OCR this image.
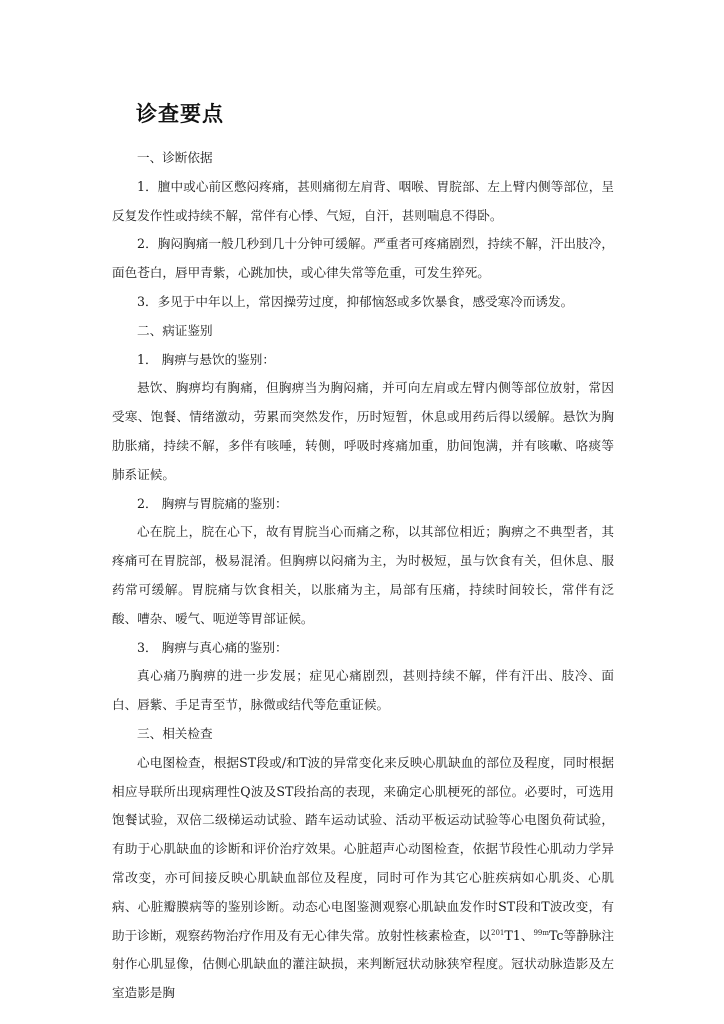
诊查要点

一、诊断依据

1．膻中或心前区憋闷疼痛，甚则痛彻左肩背、咽喉、胃脘部、左上臂内侧等部位，呈反复发作性或持续不解，常伴有心悸、气短，自汗，甚则喘息不得卧。

2．胸闷胸痛一般几秒到几十分钟可缓解。严重者可疼痛剧烈，持续不解，汗出肢冷，面色苍白，唇甲青紫，心跳加快，或心律失常等危重，可发生猝死。

3．多见于中年以上，常因操劳过度，抑郁恼怒或多饮暴食，感受寒冷而诱发。

二、病证鉴别

1． 胸痹与悬饮的鉴别：

悬饮、胸痹均有胸痛，但胸痹当为胸闷痛，并可向左肩或左臂内侧等部位放射，常因受寒、饱餐、情绪激动，劳累而突然发作，历时短暂，休息或用药后得以缓解。悬饮为胸肋胀痛，持续不解，多伴有咳唾，转侧，呼吸时疼痛加重，肋间饱满，并有咳嗽、咯痰等肺系证候。

2． 胸痹与胃脘痛的鉴别：

心在脘上，脘在心下，故有胃脘当心而痛之称，以其部位相近；胸痹之不典型者，其疼痛可在胃脘部，极易混淆。但胸痹以闷痛为主，为时极短，虽与饮食有关，但休息、服药常可缓解。胃脘痛与饮食相关，以胀痛为主，局部有压痛，持续时间较长，常伴有泛酸、嘈杂、嗳气、呃逆等胃部证候。

3． 胸痹与真心痛的鉴别：

真心痛乃胸痹的进一步发展；症见心痛剧烈，甚则持续不解，伴有汗出、肢冷、面白、唇紫、手足青至节，脉微或结代等危重证候。

三、相关检查

心电图检查，根据ST段或/和T波的异常变化来反映心肌缺血的部位及程度，同时根据相应导联所出现病理性Q波及ST段抬高的表现，来确定心肌梗死的部位。必要时，可选用饱餐试验，双倍二级梯运动试验、踏车运动试验、活动平板运动试验等心电图负荷试验，有助于心肌缺血的诊断和评价治疗效果。心脏超声心动图检查，依据节段性心肌动力学异常改变，亦可间接反映心肌缺血部位及程度，同时可作为其它心脏疾病如心肌炎、心肌病、心脏瓣膜病等的鉴别诊断。动态心电图鉴测观察心肌缺血发作时ST段和T波改变，有助于诊断，观察药物治疗作用及有无心律失常。放射性核素检查，以$^{201}$T1、$^{99m}$Tc等静脉注射作心肌显像，估侧心肌缺血的灌注缺损，来判断冠状动脉狭窄程度。冠状动脉造影及左室造影是胸
